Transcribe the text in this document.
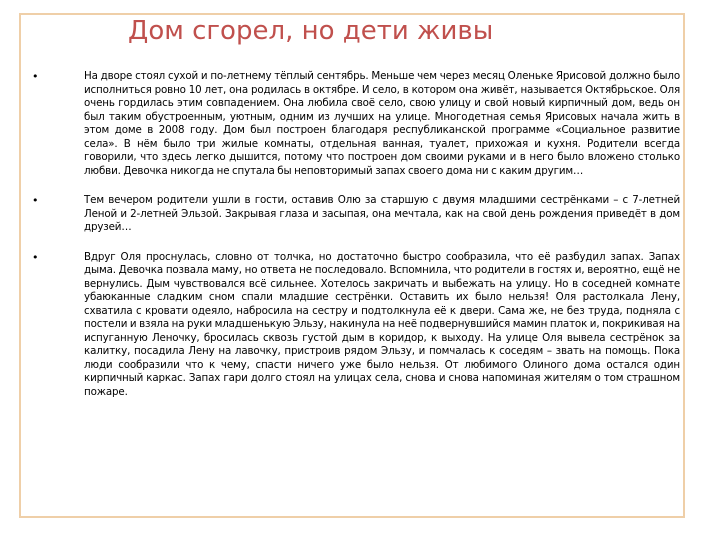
Дом сгорел, но дети живы
•	На дворе стоял сухой и по-летнему тёплый сентябрь. Меньше чем через месяц Оленьке Ярисовой должно было исполниться ровно 10 лет, она родилась в октябре. И село, в котором она живёт, называется Октябрьское. Оля очень гордилась этим совпадением. Она любила своё село, свою улицу и свой новый кирпичный дом, ведь он был таким обустроенным, уютным, одним из лучших на улице. Многодетная семья Ярисовых начала жить в этом доме в 2008 году. Дом был построен благодаря республиканской программе «Социальное развитие села». В нём было три жилые комнаты, отдельная ванная, туалет, прихожая и кухня. Родители всегда говорили, что здесь легко дышится, потому что построен дом своими руками и в него было вложено столько любви. Девочка никогда не спутала бы неповторимый запах своего дома ни с каким другим…

•	Тем вечером родители ушли в гости, оставив Олю за старшую с двумя младшими сестрёнками – с 7-летней Леной и 2-летней Эльзой. Закрывая глаза и засыпая, она мечтала, как на свой день рождения приведёт в дом друзей…

•	Вдруг Оля проснулась, словно от толчка, но достаточно быстро сообразила, что её разбудил запах. Запах дыма. Девочка позвала маму, но ответа не последовало. Вспомнила, что родители в гостях и, вероятно, ещё не вернулись. Дым чувствовался всё сильнее. Хотелось закричать и выбежать на улицу. Но в соседней комнате убаюканные сладким сном спали младшие сестрёнки. Оставить их было нельзя! Оля растолкала Лену, схватила с кровати одеяло, набросила на сестру и подтолкнула её к двери. Сама же, не без труда, подняла с постели и взяла на руки младшенькую Эльзу, накинула на неё подвернувшийся мамин платок и, покрикивая на испуганную Леночку, бросилась сквозь густой дым в коридор, к выходу. На улице Оля вывела сестрёнок за калитку, посадила Лену на лавочку, пристроив рядом Эльзу, и помчалась к соседям – звать на помощь. Пока люди сообразили что к чему, спасти ничего уже было нельзя. От любимого Олиного дома остался один кирпичный каркас. Запах гари долго стоял на улицах села, снова и снова напоминая жителям о том страшном пожаре.
